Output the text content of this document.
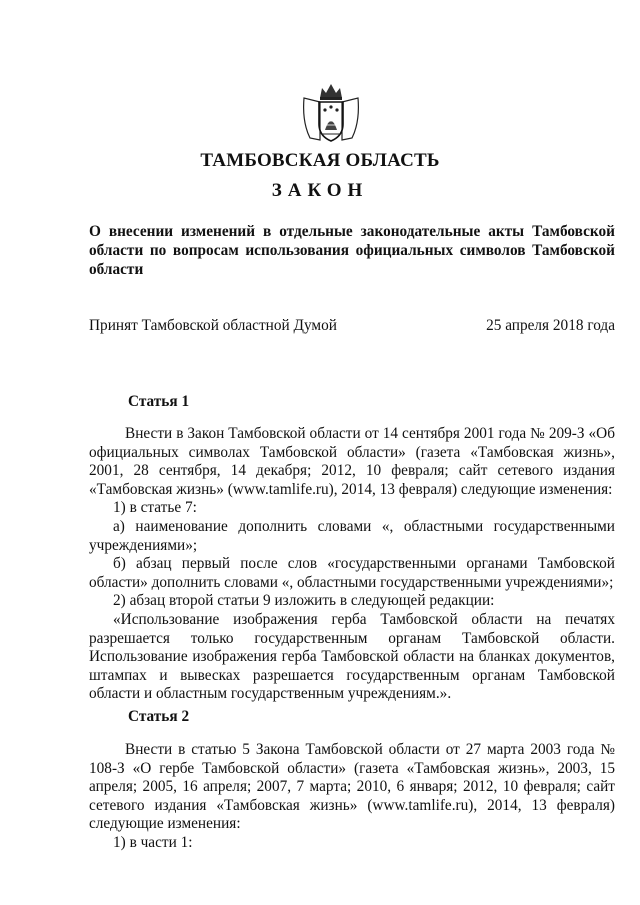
ТАМБОВСКАЯ ОБЛАСТЬ
ЗАКОН
О внесении изменений в отдельные законодательные акты Тамбовской области по вопросам использования официальных символов Тамбовской области
Принят Тамбовской областной Думой	25 апреля 2018 года
Статья 1

Внести в Закон Тамбовской области от 14 сентября 2001 года № 209-З «Об официальных символах Тамбовской области» (газета «Тамбовская жизнь», 2001, 28 сентября, 14 декабря; 2012, 10 февраля; сайт сетевого издания «Тамбовская жизнь» (www.tamlife.ru), 2014, 13 февраля) следующие изменения:

1) в статье 7:

а) наименование дополнить словами «, областными государственными учреждениями»;

б) абзац первый после слов «государственными органами Тамбовской области» дополнить словами «, областными государственными учреждениями»;

2) абзац второй статьи 9 изложить в следующей редакции:

«Использование изображения герба Тамбовской области на печатях разрешается только государственным органам Тамбовской области. Использование изображения герба Тамбовской области на бланках документов, штампах и вывесках разрешается государственным органам Тамбовской области и областным государственным учреждениям.».

Статья 2

Внести в статью 5 Закона Тамбовской области от 27 марта 2003 года № 108-З «О гербе Тамбовской области» (газета «Тамбовская жизнь», 2003, 15 апреля; 2005, 16 апреля; 2007, 7 марта; 2010, 6 января; 2012, 10 февраля; сайт сетевого издания «Тамбовская жизнь» (www.tamlife.ru), 2014, 13 февраля) следующие изменения:

1) в части 1:
